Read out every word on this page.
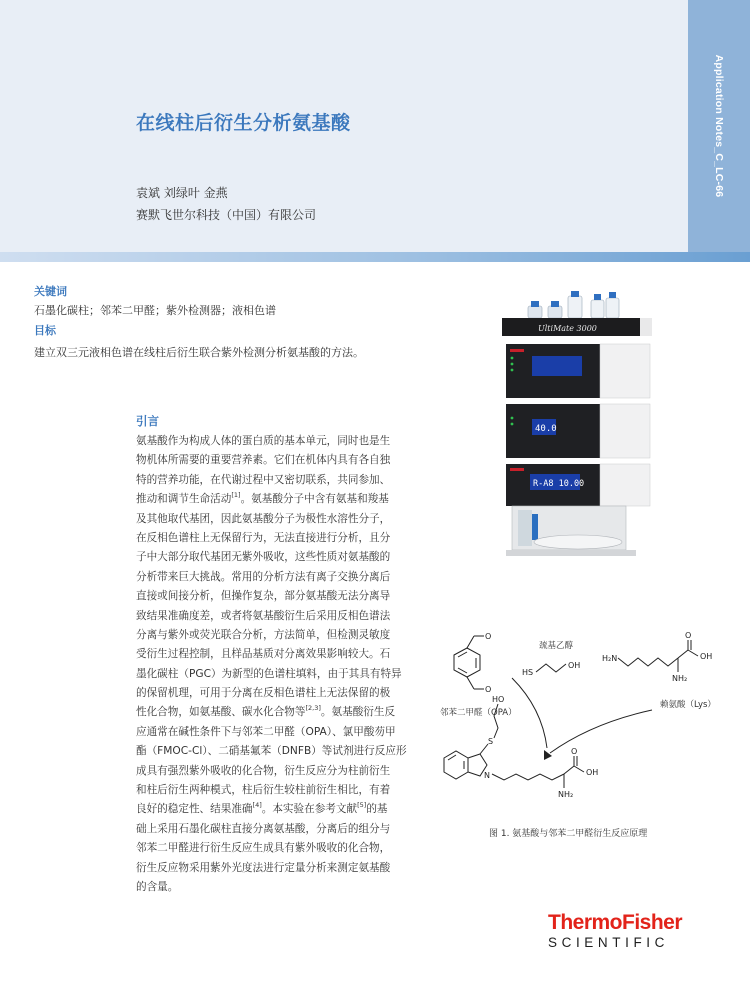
Application Notes_C_LC-66
在线柱后衍生分析氨基酸
袁斌 刘绿叶 金燕
赛默飞世尔科技（中国）有限公司
关键词
石墨化碳柱；邻苯二甲醛；紫外检测器；液相色谱
目标
建立双三元液相色谱在线柱后衍生联合紫外检测分析氨基酸的方法。
引言

氨基酸作为构成人体的蛋白质的基本单元，同时也是生

物机体所需要的重要营养素。它们在机体内具有各自独

特的营养功能，在代谢过程中又密切联系，共同参加、

推动和调节生命活动[1]。氨基酸分子中含有氨基和羧基

及其他取代基团，因此氨基酸分子为极性水溶性分子，

在反相色谱柱上无保留行为，无法直接进行分析，且分

子中大部分取代基团无紫外吸收，这些性质对氨基酸的

分析带来巨大挑战。常用的分析方法有离子交换分离后

直接或间接分析，但操作复杂，部分氨基酸无法分离导

致结果准确度差，或者将氨基酸衍生后采用反相色谱法

分离与紫外或荧光联合分析，方法简单，但检测灵敏度

受衍生过程控制，且样品基质对分离效果影响较大。石

墨化碳柱（PGC）为新型的色谱柱填料，由于其具有特异

的保留机理，可用于分离在反相色谱柱上无法保留的极

性化合物，如氨基酸、碳水化合物等[2,3]。氨基酸衍生反

应通常在碱性条件下与邻苯二甲醛（OPA）、氯甲酸芴甲

酯（FMOC-Cl）、二硝基氟苯（DNFB）等试剂进行反应形

成具有强烈紫外吸收的化合物，衍生反应分为柱前衍生

和柱后衍生两种模式，柱后衍生较柱前衍生相比，有着

良好的稳定性、结果准确[4]。本实验在参考文献[5]的基

础上采用石墨化碳柱直接分离氨基酸，分离后的组分与

邻苯二甲醛进行衍生反应生成具有紫外吸收的化合物，

衍生反应物采用紫外光度法进行定量分析来测定氨基酸

的含量。

UltiMate 3000
40.0
R-A8 10.00
O
O
HS
OH
H₂N
O
OH
NH₂
HO
S
N
O
OH
NH₂
巯基乙醇
邻苯二甲醛（OPA）
赖氨酸（Lys）
图 1. 氨基酸与邻苯二甲醛衍生反应原理
ThermoFisher
SCIENTIFIC
